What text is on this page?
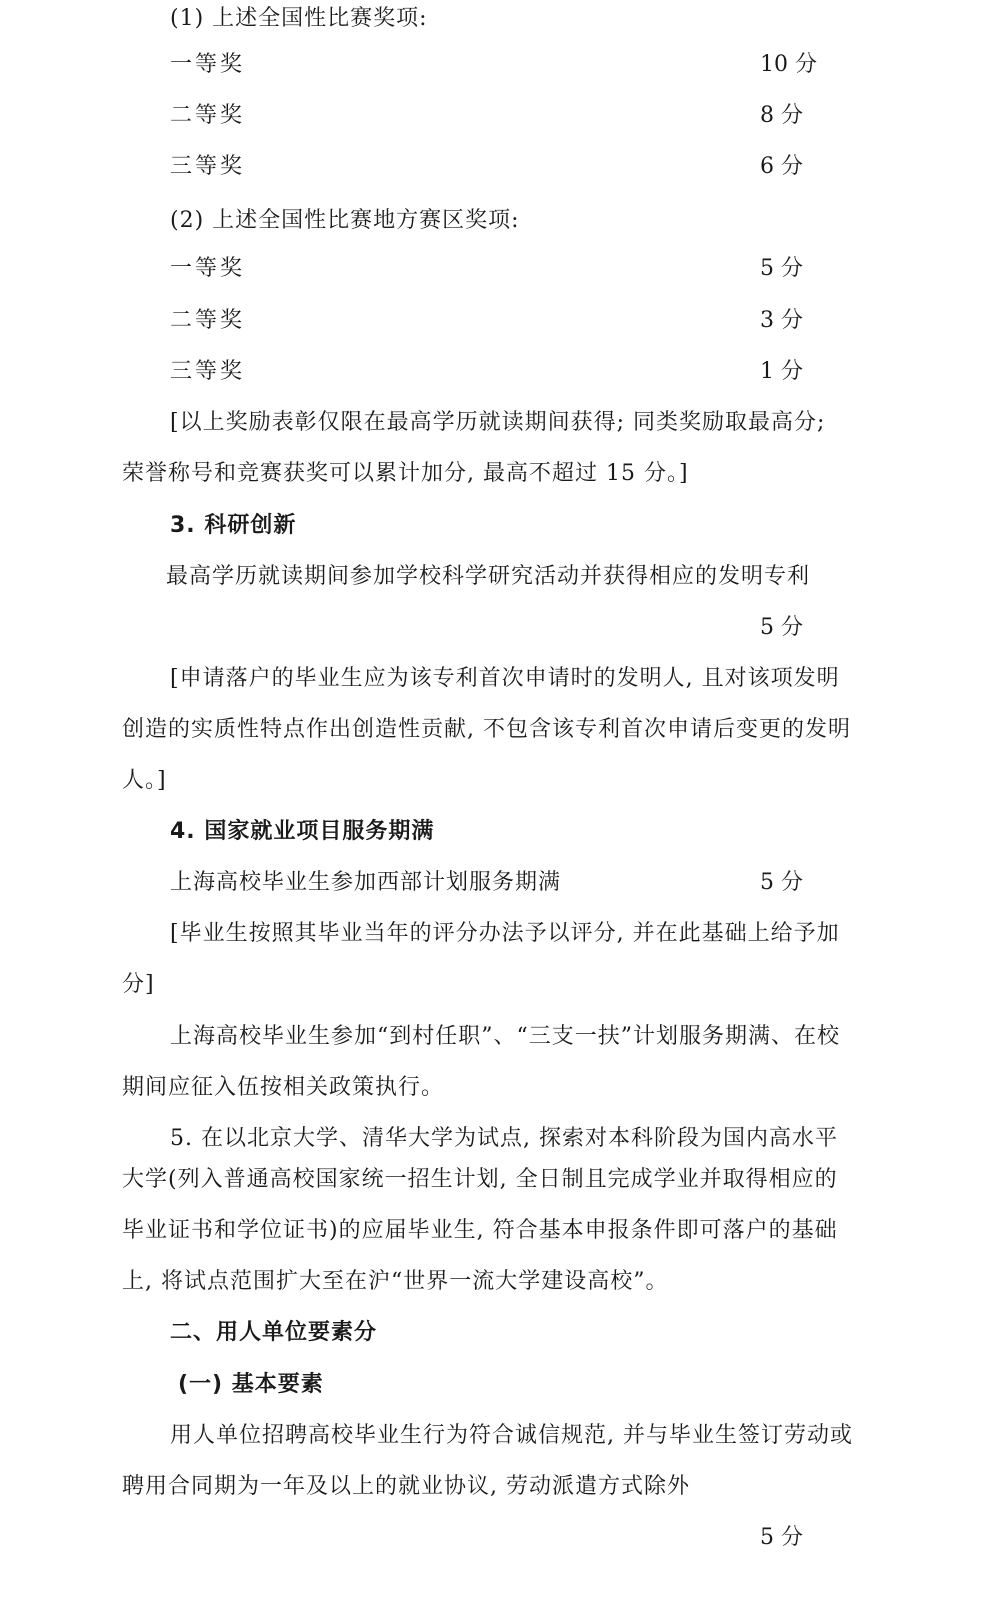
(1) 上述全国性比赛奖项:
一等奖	10 分
二等奖	8 分
三等奖	6 分
(2) 上述全国性比赛地方赛区奖项:
一等奖	5 分
二等奖	3 分
三等奖	1 分
[以上奖励表彰仅限在最高学历就读期间获得; 同类奖励取最高分;
荣誉称号和竞赛获奖可以累计加分, 最高不超过 15 分。]
3. 科研创新
最高学历就读期间参加学校科学研究活动并获得相应的发明专利
5 分
[申请落户的毕业生应为该专利首次申请时的发明人, 且对该项发明
创造的实质性特点作出创造性贡献, 不包含该专利首次申请后变更的发明
人。]
4. 国家就业项目服务期满
上海高校毕业生参加西部计划服务期满	5 分
[毕业生按照其毕业当年的评分办法予以评分, 并在此基础上给予加
分]
上海高校毕业生参加“到村任职”、“三支一扶”计划服务期满、在校
期间应征入伍按相关政策执行。
5. 在以北京大学、清华大学为试点, 探索对本科阶段为国内高水平
大学(列入普通高校国家统一招生计划, 全日制且完成学业并取得相应的
毕业证书和学位证书)的应届毕业生, 符合基本申报条件即可落户的基础
上, 将试点范围扩大至在沪“世界一流大学建设高校”。
二、用人单位要素分
(一) 基本要素
用人单位招聘高校毕业生行为符合诚信规范, 并与毕业生签订劳动或
聘用合同期为一年及以上的就业协议, 劳动派遣方式除外
5 分
